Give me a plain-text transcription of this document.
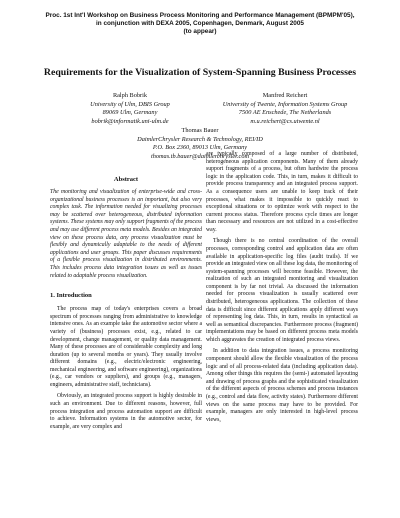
Proc. 1st Int'l Workshop on Business Process Monitoring and Performance Management (BPMPM'05),
in conjunction with DEXA 2005, Copenhagen, Denmark, August 2005
(to appear)
Requirements for the Visualization of System-Spanning Business Processes
Ralph Bobrik
University of Ulm, DBIS Group
89069 Ulm, Germany
bobrik@informatik.uni-ulm.de
Manfred Reichert
University of Twente, Information Systems Group
7500 AE Enschede, The Netherlands
m.u.reichert@cs.utwente.nl
Thomas Bauer
DaimlerChrysler Research & Technology, REI/ID
P.O. Box 2360, 89013 Ulm, Germany
thomas.tb.bauer@daimlerchrysler.com
Abstract

The monitoring and visualization of enterprise-wide and cross-organizational business processes is an important, but also very complex task. The information needed for visualizing processes may be scattered over heterogeneous, distributed information systems. These systems may only support fragments of the process and may use different process meta models. Besides an integrated view on these process data, any process visualization must be flexibly and dynamically adaptable to the needs of different applications and user groups. This paper discusses requirements of a flexible process visualization in distributed environments. This includes process data integration issues as well as issues related to adaptable process visualization.

1. Introduction

The process map of today's enterprises covers a broad spectrum of processes ranging from administrative to knowledge intensive ones. As an example take the automotive sector where a variety of (business) processes exist, e.g., related to car development, change management, or quality data management. Many of these processes are of considerable complexity and long duration (up to several months or years). They usually involve different domains (e.g., electric/electronic engineering, mechanical engineering, and software engineering), organizations (e.g., car vendors or suppliers), and groups (e.g., managers, engineers, administrative staff, technicians).

Obviously, an integrated process support is highly desirable in such an environment. Due to different reasons, however, full process integration and process automation support are difficult to achieve. Information systems in the automotive sector, for example, are very complex and

are typically composed of a large number of distributed, heterogeneous application components. Many of them already support fragments of a process, but often hardwire the process logic in the application code. This, in turn, makes it difficult to provide process transparency and an integrated process support. As a consequence users are unable to keep track of their processes, what makes it impossible to quickly react to exceptional situations or to optimize work with respect to the current process status. Therefore process cycle times are longer than necessary and resources are not utilized in a cost-effective way.

Though there is no central coordination of the overall processes, corresponding control and application data are often available in application-specific log files (audit trails). If we provide an integrated view on all these log data, the monitoring of system-spanning processes will become feasible. However, the realization of such an integrated monitoring and visualization component is by far not trivial. As discussed the information needed for process visualization is usually scattered over distributed, heterogeneous applications. The collection of these data is difficult since different applications apply different ways of representing log data. This, in turn, results in syntactical as well as semantical discrepancies. Furthermore process (fragment) implementations may be based on different process meta models which aggravates the creation of integrated process views.

In addition to data integration issues, a process monitoring component should allow the flexible visualization of the process logic and of all process-related data (including application data). Among other things this requires the (semi-) automated layouting and drawing of process graphs and the sophisticated visualization of the different aspects of process schemes and process instances (e.g., control and data flow, activity states). Furthermore different views on the same process may have to be provided. For example, managers are only interested in high-level process views,
